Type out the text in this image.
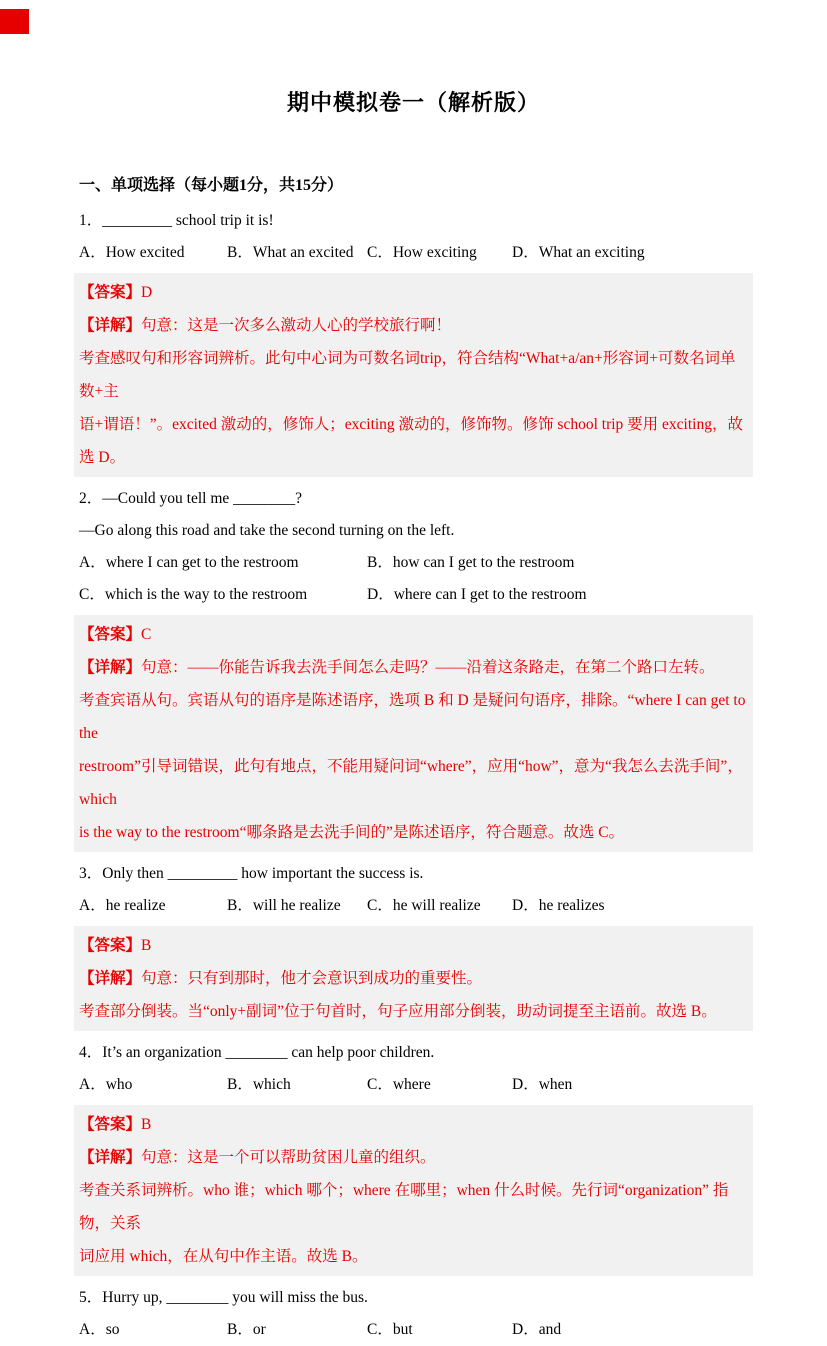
期中模拟卷一（解析版）
一、单项选择（每小题1分，共15分）
1．_________ school trip it is!
A．How excited	B．What an excited C．How exciting	D．What an exciting
【答案】D
【详解】句意：这是一次多么激动人心的学校旅行啊！
考查感叹句和形容词辨析。此句中心词为可数名词trip，符合结构“What+a/an+形容词+可数名词单数+主
语+谓语！”。excited 激动的，修饰人；exciting 激动的，修饰物。修饰 school trip 要用 exciting，故选 D。
2．—Could you tell me ________?
—Go along this road and take the second turning on the left.
A．where I can get to the restroom	B．how can I get to the restroom
C．which is the way to the restroom	D．where can I get to the restroom
【答案】C
【详解】句意：——你能告诉我去洗手间怎么走吗？——沿着这条路走，在第二个路口左转。
考查宾语从句。宾语从句的语序是陈述语序，选项 B 和 D 是疑问句语序，排除。“where I can get to the
restroom”引导词错误，此句有地点，不能用疑问词“where”，应用“how”，意为“我怎么去洗手间”，which
is the way to the restroom“哪条路是去洗手间的”是陈述语序，符合题意。故选 C。
3．Only then _________ how important the success is.
A．he realize	B．will he realize	C．he will realize	D．he realizes
【答案】B
【详解】句意：只有到那时，他才会意识到成功的重要性。
考查部分倒装。当“only+副词”位于句首时，句子应用部分倒装，助动词提至主语前。故选 B。
4．It’s an organization ________ can help poor children.
A．who	B．which	C．where	D．when
【答案】B
【详解】句意：这是一个可以帮助贫困儿童的组织。
考查关系词辨析。who 谁；which 哪个；where 在哪里；when 什么时候。先行词“organization” 指物，关系
词应用 which，在从句中作主语。故选 B。
5．Hurry up, ________ you will miss the bus.
A．so	B．or	C．but	D．and
